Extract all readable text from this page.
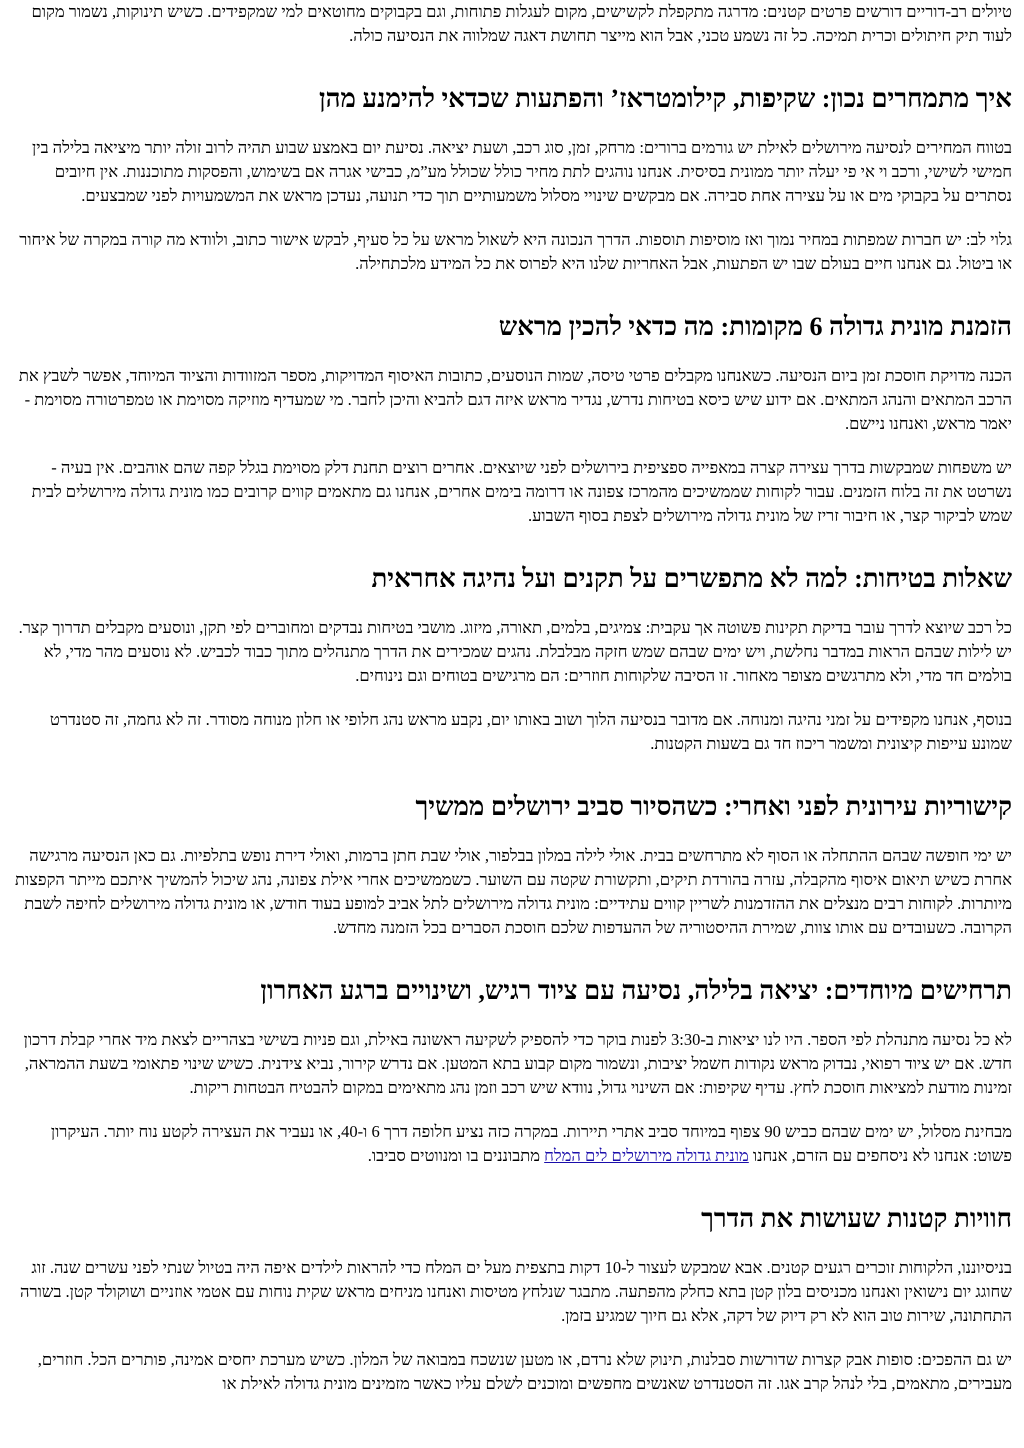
טיולים רב-דוריים דורשים פרטים קטנים: מדרגה מתקפלת לקשישים, מקום לעגלות פתוחות, וגם בקבוקים מחוטאים למי שמקפידים. כשיש תינוקות, נשמור מקום לעוד תיק חיתולים וכרית תמיכה. כל זה נשמע טכני, אבל הוא מייצר תחושת דאגה שמלווה את הנסיעה כולה.

איך מתמחרים נכון: שקיפות, קילומטראז’ והפתעות שכדאי להימנע מהן

בטווח המחירים לנסיעה מירושלים לאילת יש גורמים ברורים: מרחק, זמן, סוג רכב, ושעת יציאה. נסיעת יום באמצע שבוע תהיה לרוב זולה יותר מיציאה בלילה בין חמישי לשישי, ורכב וי אי פי יעלה יותר ממונית בסיסית. אנחנו נוהגים לתת מחיר כולל שכולל מע”מ, כבישי אגרה אם בשימוש, והפסקות מתוכננות. אין חיובים נסתרים על בקבוקי מים או על עצירה אחת סבירה. אם מבקשים שינויי מסלול משמעותיים תוך כדי תנועה, נעדכן מראש את המשמעויות לפני שמבצעים.

גלוי לב: יש חברות שמפתות במחיר נמוך ואז מוסיפות תוספות. הדרך הנכונה היא לשאול מראש על כל סעיף, לבקש אישור כתוב, ולוודא מה קורה במקרה של איחור או ביטול. גם אנחנו חיים בעולם שבו יש הפתעות, אבל האחריות שלנו היא לפרוס את כל המידע מלכתחילה.

הזמנת מונית גדולה 6 מקומות: מה כדאי להכין מראש

הכנה מדויקת חוסכת זמן ביום הנסיעה. כשאנחנו מקבלים פרטי טיסה, שמות הנוסעים, כתובות האיסוף המדויקות, מספר המזוודות והציוד המיוחד, אפשר לשבץ את הרכב המתאים והנהג המתאים. אם ידוע שיש כיסא בטיחות נדרש, נגדיר מראש איזה דגם להביא והיכן לחבר. מי שמעדיף מוזיקה מסוימת או טמפרטורה מסוימת - יאמר מראש, ואנחנו ניישם.

יש משפחות שמבקשות בדרך עצירה קצרה במאפייה ספציפית בירושלים לפני שיוצאים. אחרים רוצים תחנת דלק מסוימת בגלל קפה שהם אוהבים. אין בעיה - נשרטט את זה בלוח הזמנים. עבור לקוחות שממשיכים מהמרכז צפונה או דרומה בימים אחרים, אנחנו גם מתאמים קווים קרובים כמו מונית גדולה מירושלים לבית שמש לביקור קצר, או חיבור זריז של מונית גדולה מירושלים לצפת בסוף השבוע.

שאלות בטיחות: למה לא מתפשרים על תקנים ועל נהיגה אחראית

כל רכב שיוצא לדרך עובר בדיקת תקינות פשוטה אך עקבית: צמיגים, בלמים, תאורה, מיזוג. מושבי בטיחות נבדקים ומחוברים לפי תקן, ונוסעים מקבלים תדרוך קצר. יש לילות שבהם הראות במדבר נחלשת, ויש ימים שבהם שמש חזקה מבלבלת. נהגים שמכירים את הדרך מתנהלים מתוך כבוד לכביש. לא נוסעים מהר מדי, לא בולמים חד מדי, ולא מתרגשים מצופר מאחור. זו הסיבה שלקוחות חוזרים: הם מרגישים בטוחים וגם נינוחים.

בנוסף, אנחנו מקפידים על זמני נהיגה ומנוחה. אם מדובר בנסיעה הלוך ושוב באותו יום, נקבע מראש נהג חלופי או חלון מנוחה מסודר. זה לא גחמה, זה סטנדרט שמונע עייפות קיצונית ומשמר ריכוז חד גם בשעות הקטנות.

קישוריות עירונית לפני ואחרי: כשהסיור סביב ירושלים ממשיך

יש ימי חופשה שבהם ההתחלה או הסוף לא מתרחשים בבית. אולי לילה במלון בבלפור, אולי שבת חתן ברמות, ואולי דירת נופש בתלפיות. גם כאן הנסיעה מרגישה אחרת כשיש תיאום איסוף מהקבלה, עזרה בהורדת תיקים, ותקשורת שקטה עם השוער. כשממשיכים אחרי אילת צפונה, נהג שיכול להמשיך איתכם מייתר הקפצות מיותרות. לקוחות רבים מנצלים את ההזדמנות לשריין קווים עתידיים: מונית גדולה מירושלים לתל אביב למופע בעוד חודש, או מונית גדולה מירושלים לחיפה לשבת הקרובה. כשעובדים עם אותו צוות, שמירת ההיסטוריה של ההעדפות שלכם חוסכת הסברים בכל הזמנה מחדש.

תרחישים מיוחדים: יציאה בלילה, נסיעה עם ציוד רגיש, ושינויים ברגע האחרון

לא כל נסיעה מתנהלת לפי הספר. היו לנו יציאות ב-3:30 לפנות בוקר כדי להספיק לשקיעה ראשונה באילת, וגם פניות בשישי בצהריים לצאת מיד אחרי קבלת דרכון חדש. אם יש ציוד רפואי, נבדוק מראש נקודות חשמל יציבות, ונשמור מקום קבוע בתא המטען. אם נדרש קירור, נביא צידנית. כשיש שינוי פתאומי בשעת ההמראה, זמינות מודעת למציאות חוסכת לחץ. עדיף שקיפות: אם השינוי גדול, נוודא שיש רכב וזמן נהג מתאימים במקום להבטיח הבטחות ריקות.

מבחינת מסלול, יש ימים שבהם כביש 90 צפוף במיוחד סביב אתרי תיירות. במקרה כזה נציע חלופה דרך 6 ו-40, או נעביר את העצירה לקטע נוח יותר. העיקרון פשוט: אנחנו לא ניסחפים עם הזרם, אנחנו מונית גדולה מירושלים לים המלח מתבוננים בו ומנווטים סביבו.

חוויות קטנות שעושות את הדרך

בניסיוננו, הלקוחות זוכרים רגעים קטנים. אבא שמבקש לעצור ל-10 דקות בתצפית מעל ים המלח כדי להראות לילדים איפה היה בטיול שנתי לפני עשרים שנה. זוג שחוגג יום נישואין ואנחנו מכניסים בלון קטן בתא כחלק מהפתעה. מתבגר שנלחץ מטיסות ואנחנו מניחים מראש שקית נוחות עם אטמי אוזניים ושוקולד קטן. בשורה התחתונה, שירות טוב הוא לא רק דיוק של דקה, אלא גם חיוך שמגיע בזמן.

יש גם ההפכים: סופות אבק קצרות שדורשות סבלנות, תינוק שלא נרדם, או מטען שנשכח במבואה של המלון. כשיש מערכת יחסים אמינה, פותרים הכל. חוזרים, מעבירים, מתאמים, בלי לנהל קרב אגו. זה הסטנדרט שאנשים מחפשים ומוכנים לשלם עליו כאשר מזמינים מונית גדולה לאילת או
